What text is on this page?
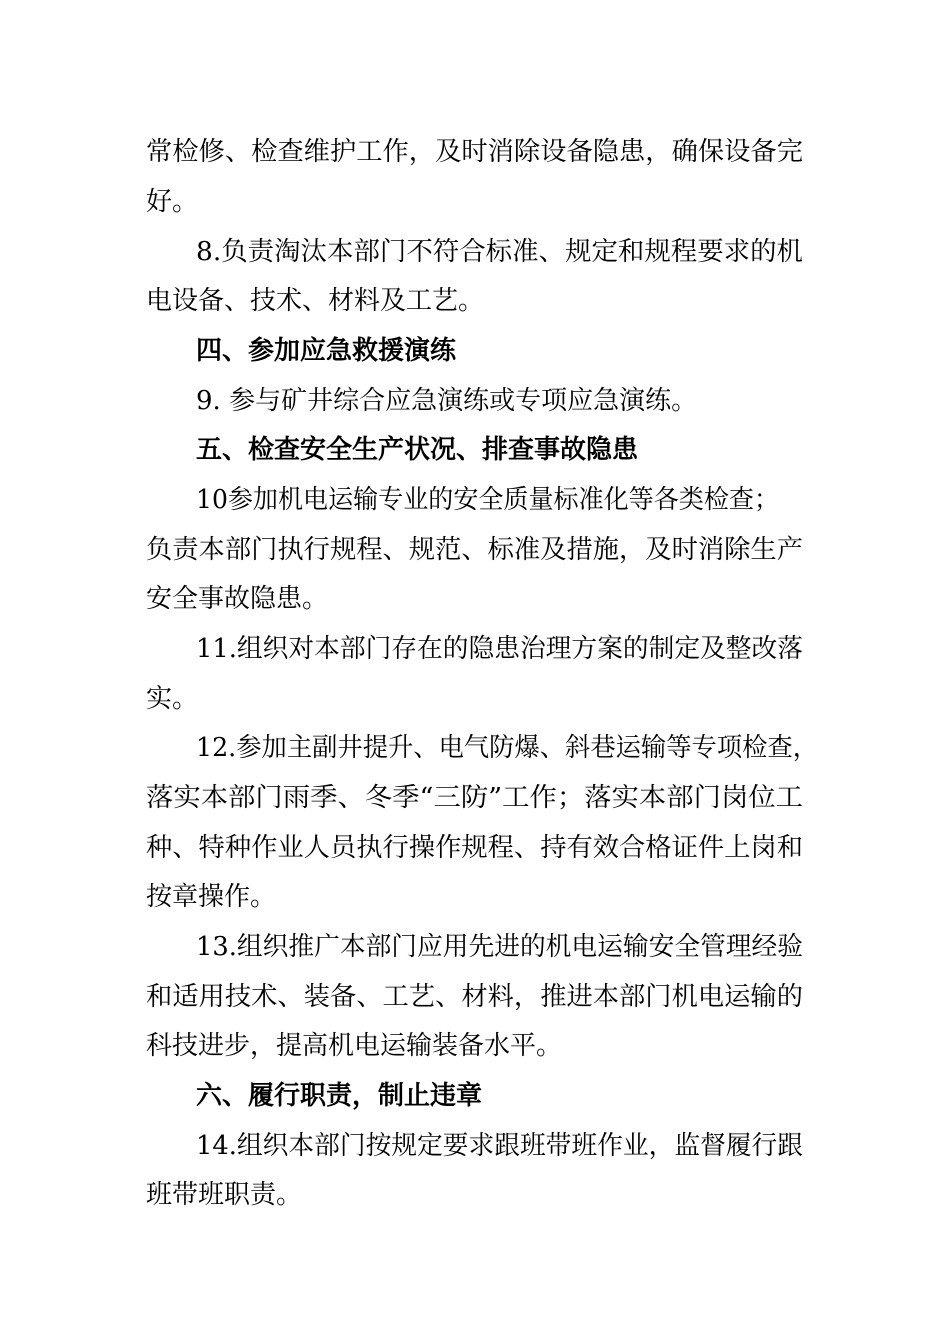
常检修、检查维护工作，及时消除设备隐患，确保设备完

好。

8.负责淘汰本部门不符合标准、规定和规程要求的机

电设备、技术、材料及工艺。

四、参加应急救援演练

9. 参与矿井综合应急演练或专项应急演练。

五、检查安全生产状况、排查事故隐患

10参加机电运输专业的安全质量标准化等各类检查；

负责本部门执行规程、规范、标准及措施，及时消除生产

安全事故隐患。

11.组织对本部门存在的隐患治理方案的制定及整改落

实。

12.参加主副井提升、电气防爆、斜巷运输等专项检查，

落实本部门雨季、冬季“三防”工作；落实本部门岗位工

种、特种作业人员执行操作规程、持有效合格证件上岗和

按章操作。

13.组织推广本部门应用先进的机电运输安全管理经验

和适用技术、装备、工艺、材料，推进本部门机电运输的

科技进步，提高机电运输装备水平。

六、履行职责，制止违章

14.组织本部门按规定要求跟班带班作业，监督履行跟

班带班职责。
